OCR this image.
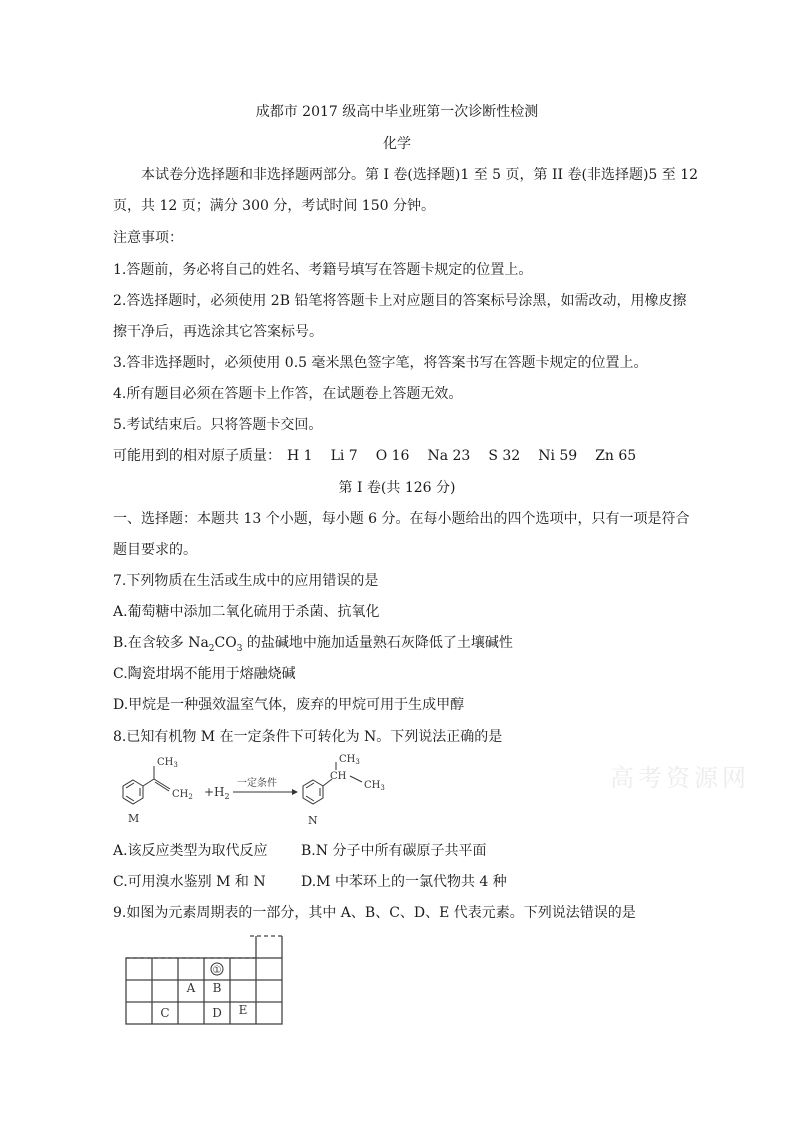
成都市 2017 级高中毕业班第一次诊断性检测
化学
本试卷分选择题和非选择题两部分。第 I 卷(选择题)1 至 5 页，第 II 卷(非选择题)5 至 12
页，共 12 页；满分 300 分，考试时间 150 分钟。
注意事项：
1.答题前，务必将自己的姓名、考籍号填写在答题卡规定的位置上。
2.答选择题时，必须使用 2B 铅笔将答题卡上对应题目的答案标号涂黑，如需改动，用橡皮擦
擦干净后，再选涂其它答案标号。
3.答非选择题时，必须使用 0.5 毫米黑色签字笔，将答案书写在答题卡规定的位置上。
4.所有题目必须在答题卡上作答，在试题卷上答题无效。
5.考试结束后。只将答题卡交回。
可能用到的相对原子质量： H 1 Li 7 O 16 Na 23 S 32 Ni 59 Zn 65
第 I 卷(共 126 分)
一、选择题：本题共 13 个小题，每小题 6 分。在每小题给出的四个选项中，只有一项是符合
题目要求的。
7.下列物质在生活或生成中的应用错误的是
A.葡萄糖中添加二氧化硫用于杀菌、抗氧化
B.在含较多 $Na_2CO_3$ 的盐碱地中施加适量熟石灰降低了土壤碱性
C.陶瓷坩埚不能用于熔融烧碱
D.甲烷是一种强效温室气体，废弃的甲烷可用于生成甲醇
8.已知有机物 M 在一定条件下可转化为 N。下列说法正确的是
$CH_3$
$CH_2$
M
$+H_2$
一定条件
$CH_3$
CH
$CH_3$
N
高考资源网
A.该反应类型为取代反应 B.N 分子中所有碳原子共平面
C.可用溴水鉴别 M 和 N	D.M 中苯环上的一氯代物共 4 种
9.如图为元素周期表的一部分，其中 A、B、C、D、E 代表元素。下列说法错误的是
①
A B
C	D E
